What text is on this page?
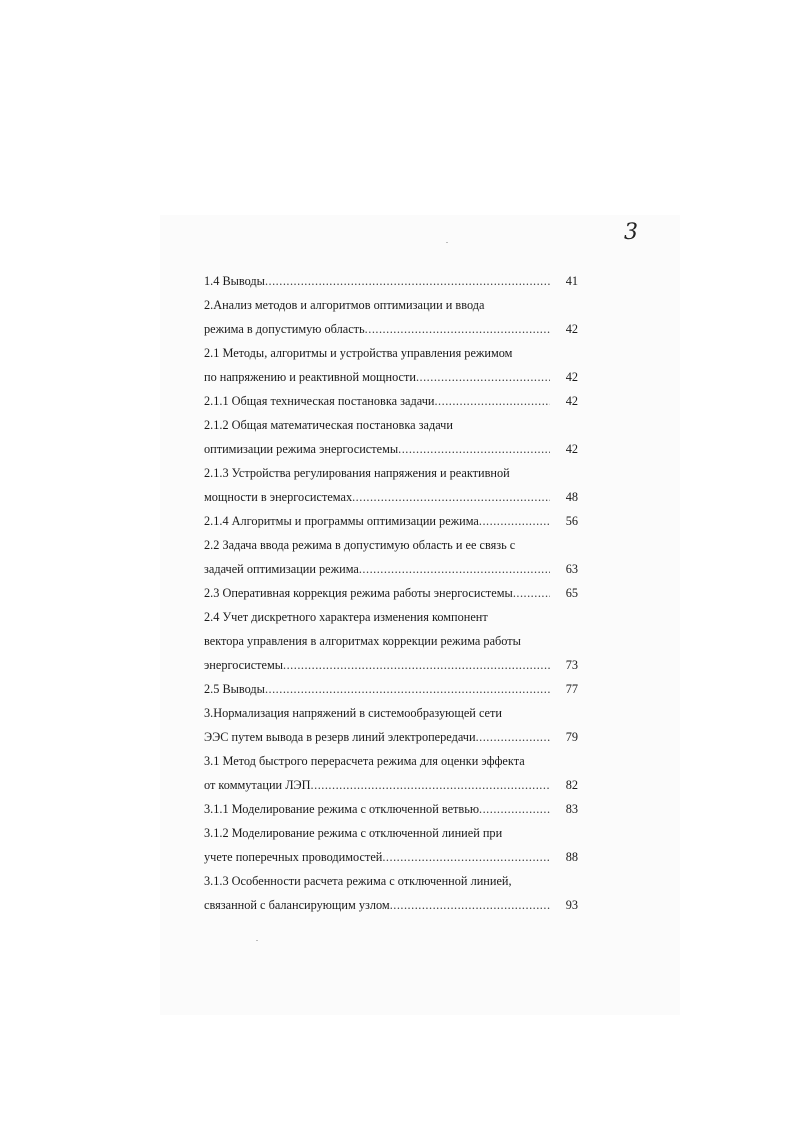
3
1.4 Выводы .....	41
2.Анализ методов и алгоритмов оптимизации и ввода
режима в допустимую область .....	42
2.1 Методы, алгоритмы и устройства управления режимом
по напряжению и реактивной мощности .....	42
2.1.1 Общая техническая постановка задачи .....	42
2.1.2 Общая математическая постановка задачи
оптимизации режима энергосистемы .....	42
2.1.3 Устройства регулирования напряжения и реактивной
мощности в энергосистемах .....	48
2.1.4 Алгоритмы и программы оптимизации режима .....	56
2.2 Задача ввода режима в допустимую область и ее связь с
задачей оптимизации режима .....	63
2.3 Оперативная коррекция режима работы энергосистемы .....	65
2.4 Учет дискретного характера изменения компонент
вектора управления в алгоритмах коррекции режима работы
энергосистемы .....	73
2.5 Выводы .....	77
3.Нормализация напряжений в системообразующей сети
ЭЭС путем вывода в резерв линий электропередачи .....	79
3.1 Метод быстрого перерасчета режима для оценки эффекта
от коммутации ЛЭП .....	82
3.1.1 Моделирование режима с отключенной ветвью .....	83
3.1.2 Моделирование режима с отключенной линией при
учете поперечных проводимостей .....	88
3.1.3 Особенности расчета режима с отключенной линией,
связанной с балансирующим узлом .....	93
